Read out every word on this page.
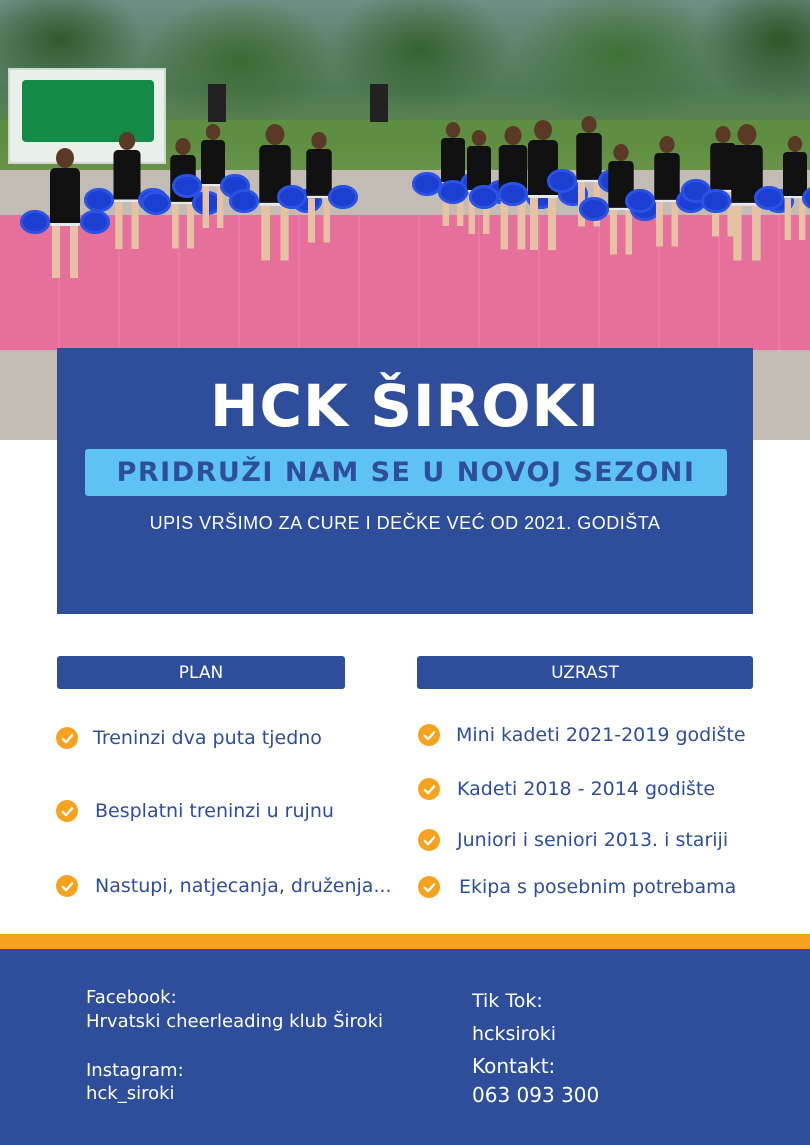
HCK ŠIROKI
PRIDRUŽI NAM SE U NOVOJ SEZONI
UPIS VRŠIMO ZA CURE I DEČKE VEĆ OD 2021. GODIŠTA
PLAN
Treninzi dva puta tjedno
Besplatni treninzi u rujnu
Nastupi, natjecanja, druženja...
UZRAST
Mini kadeti 2021-2019 godište
Kadeti 2018 - 2014 godište
Juniori i seniori 2013. i stariji
Ekipa s posebnim potrebama
Facebook:
Hrvatski cheerleading klub Široki
Instagram:
hck_siroki
Tik Tok:
hcksiroki
Kontakt:
063 093 300
